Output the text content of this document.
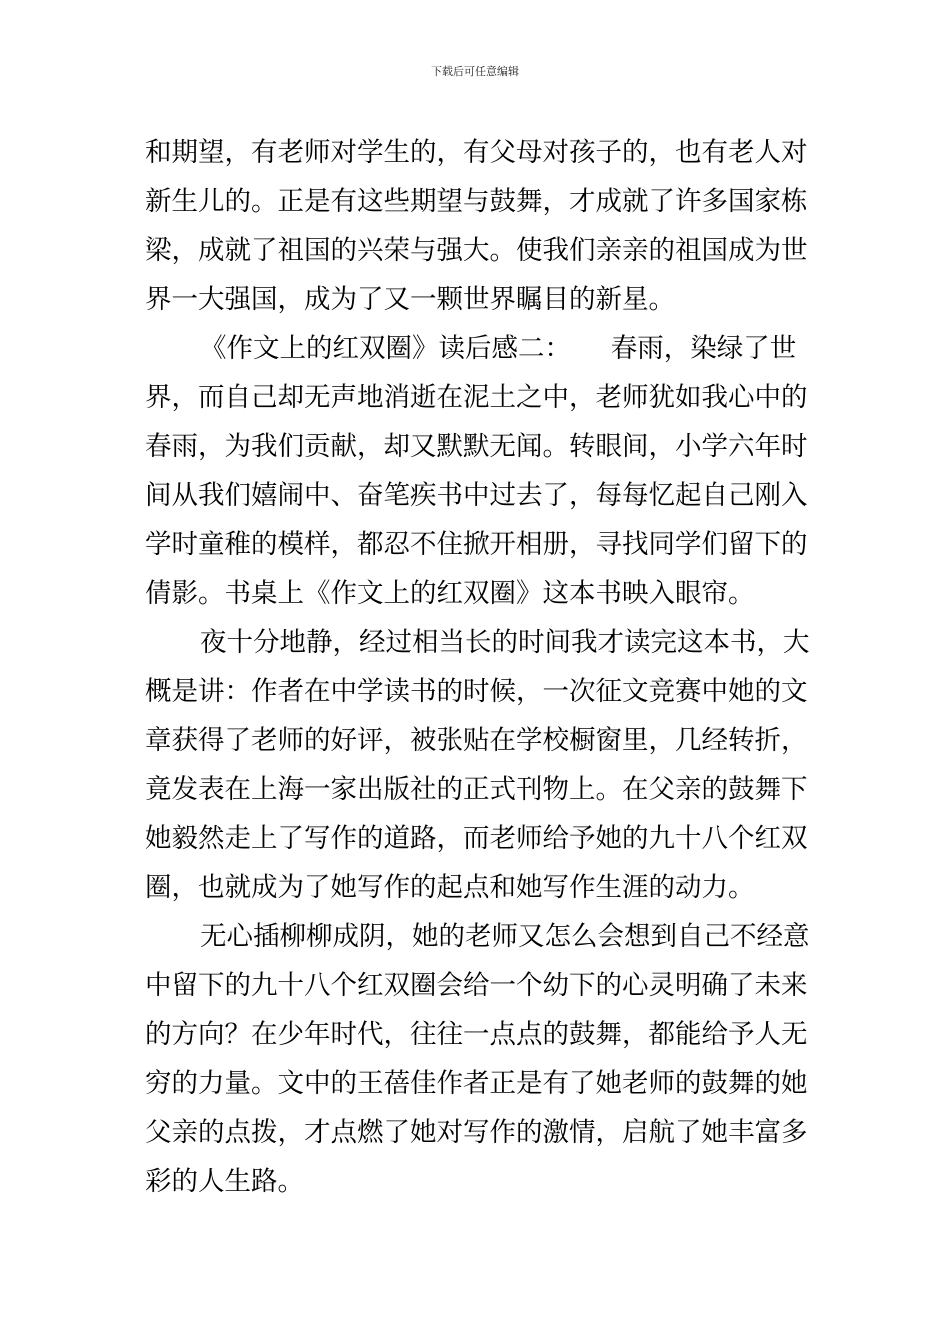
下载后可任意编辑
和期望，有老师对学生的，有父母对孩子的，也有老人对
新生儿的。正是有这些期望与鼓舞，才成就了许多国家栋
梁，成就了祖国的兴荣与强大。使我们亲亲的祖国成为世
界一大强国，成为了又一颗世界瞩目的新星。
《作文上的红双圈》读后感二：　　春雨，染绿了世
界，而自己却无声地消逝在泥土之中，老师犹如我心中的
春雨，为我们贡献，却又默默无闻。转眼间，小学六年时
间从我们嬉闹中、奋笔疾书中过去了，每每忆起自己刚入
学时童稚的模样，都忍不住掀开相册，寻找同学们留下的
倩影。书桌上《作文上的红双圈》这本书映入眼帘。
夜十分地静，经过相当长的时间我才读完这本书，大
概是讲：作者在中学读书的时候，一次征文竞赛中她的文
章获得了老师的好评，被张贴在学校橱窗里，几经转折，
竟发表在上海一家出版社的正式刊物上。在父亲的鼓舞下
她毅然走上了写作的道路，而老师给予她的九十八个红双
圈，也就成为了她写作的起点和她写作生涯的动力。
无心插柳柳成阴，她的老师又怎么会想到自己不经意
中留下的九十八个红双圈会给一个幼下的心灵明确了未来
的方向？在少年时代，往往一点点的鼓舞，都能给予人无
穷的力量。文中的王蓓佳作者正是有了她老师的鼓舞的她
父亲的点拨，才点燃了她对写作的激情，启航了她丰富多
彩的人生路。
